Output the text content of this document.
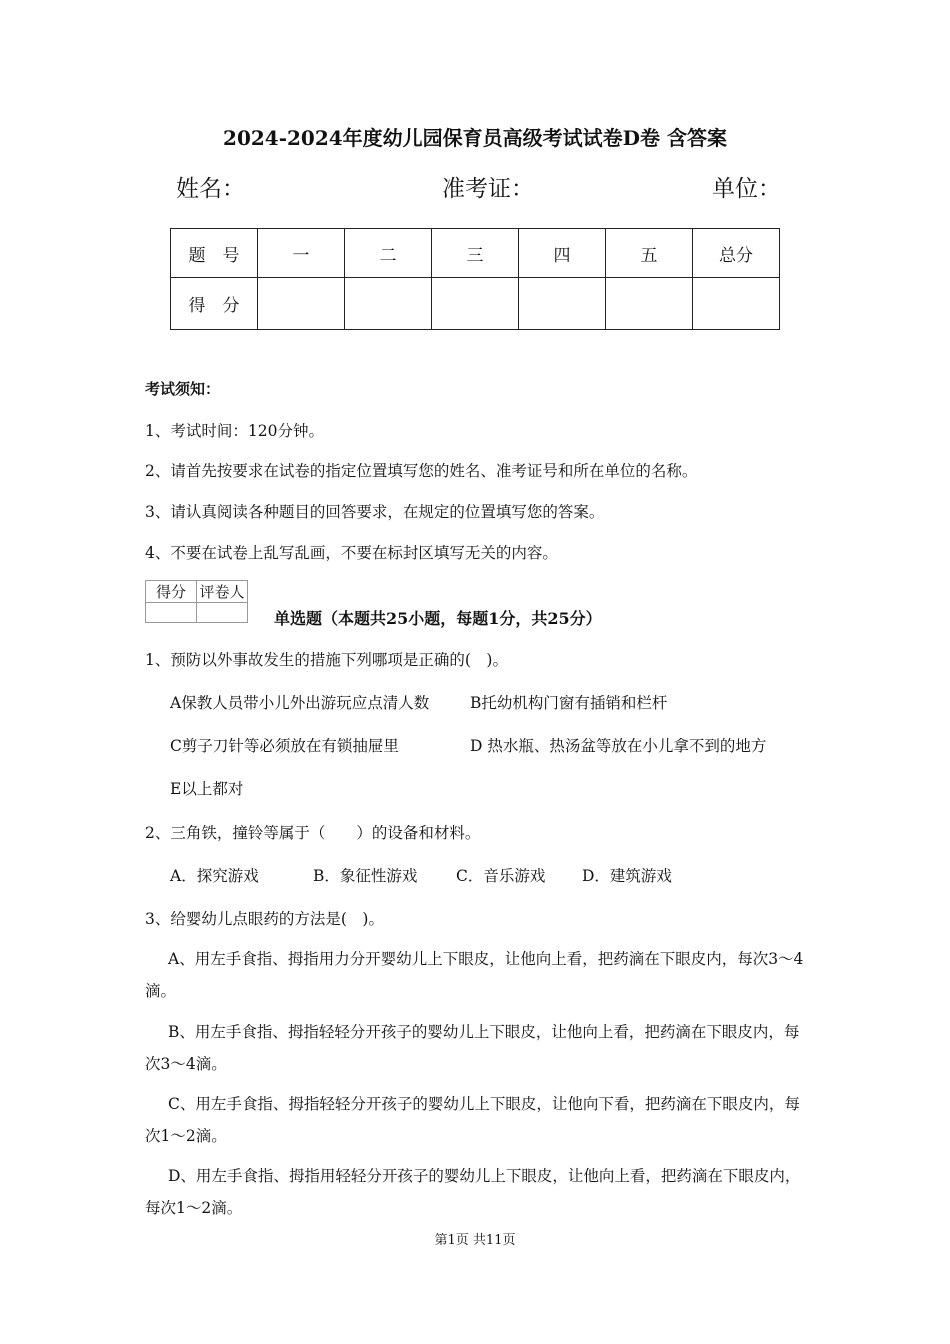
2024-2024年度幼儿园保育员高级考试试卷D卷 含答案
姓名：	准考证：	单位：
题　号	一	二	三	四	五	总分
得　分						
考试须知：
1、考试时间：120分钟。
2、请首先按要求在试卷的指定位置填写您的姓名、准考证号和所在单位的名称。
3、请认真阅读各种题目的回答要求，在规定的位置填写您的答案。
4、不要在试卷上乱写乱画，不要在标封区填写无关的内容。
得分	评卷人

单选题（本题共25小题，每题1分，共25分）
1、预防以外事故发生的措施下列哪项是正确的(　)。
A保教人员带小儿外出游玩应点清人数	B托幼机构门窗有插销和栏杆
C剪子刀针等必须放在有锁抽屉里	D 热水瓶、热汤盆等放在小儿拿不到的地方
E以上都对
2、三角铁，撞铃等属于（　　）的设备和材料。
A．探究游戏	B．象征性游戏 C．音乐游戏 D．建筑游戏
3、给婴幼儿点眼药的方法是(　)。
A、用左手食指、拇指用力分开婴幼儿上下眼皮，让他向上看，把药滴在下眼皮内，每次3～4滴。
B、用左手食指、拇指轻轻分开孩子的婴幼儿上下眼皮，让他向上看，把药滴在下眼皮内，每次3～4滴。
C、用左手食指、拇指轻轻分开孩子的婴幼儿上下眼皮，让他向下看，把药滴在下眼皮内，每次1～2滴。
D、用左手食指、拇指用轻轻分开孩子的婴幼儿上下眼皮，让他向上看，把药滴在下眼皮内，每次1～2滴。
第1页 共11页
